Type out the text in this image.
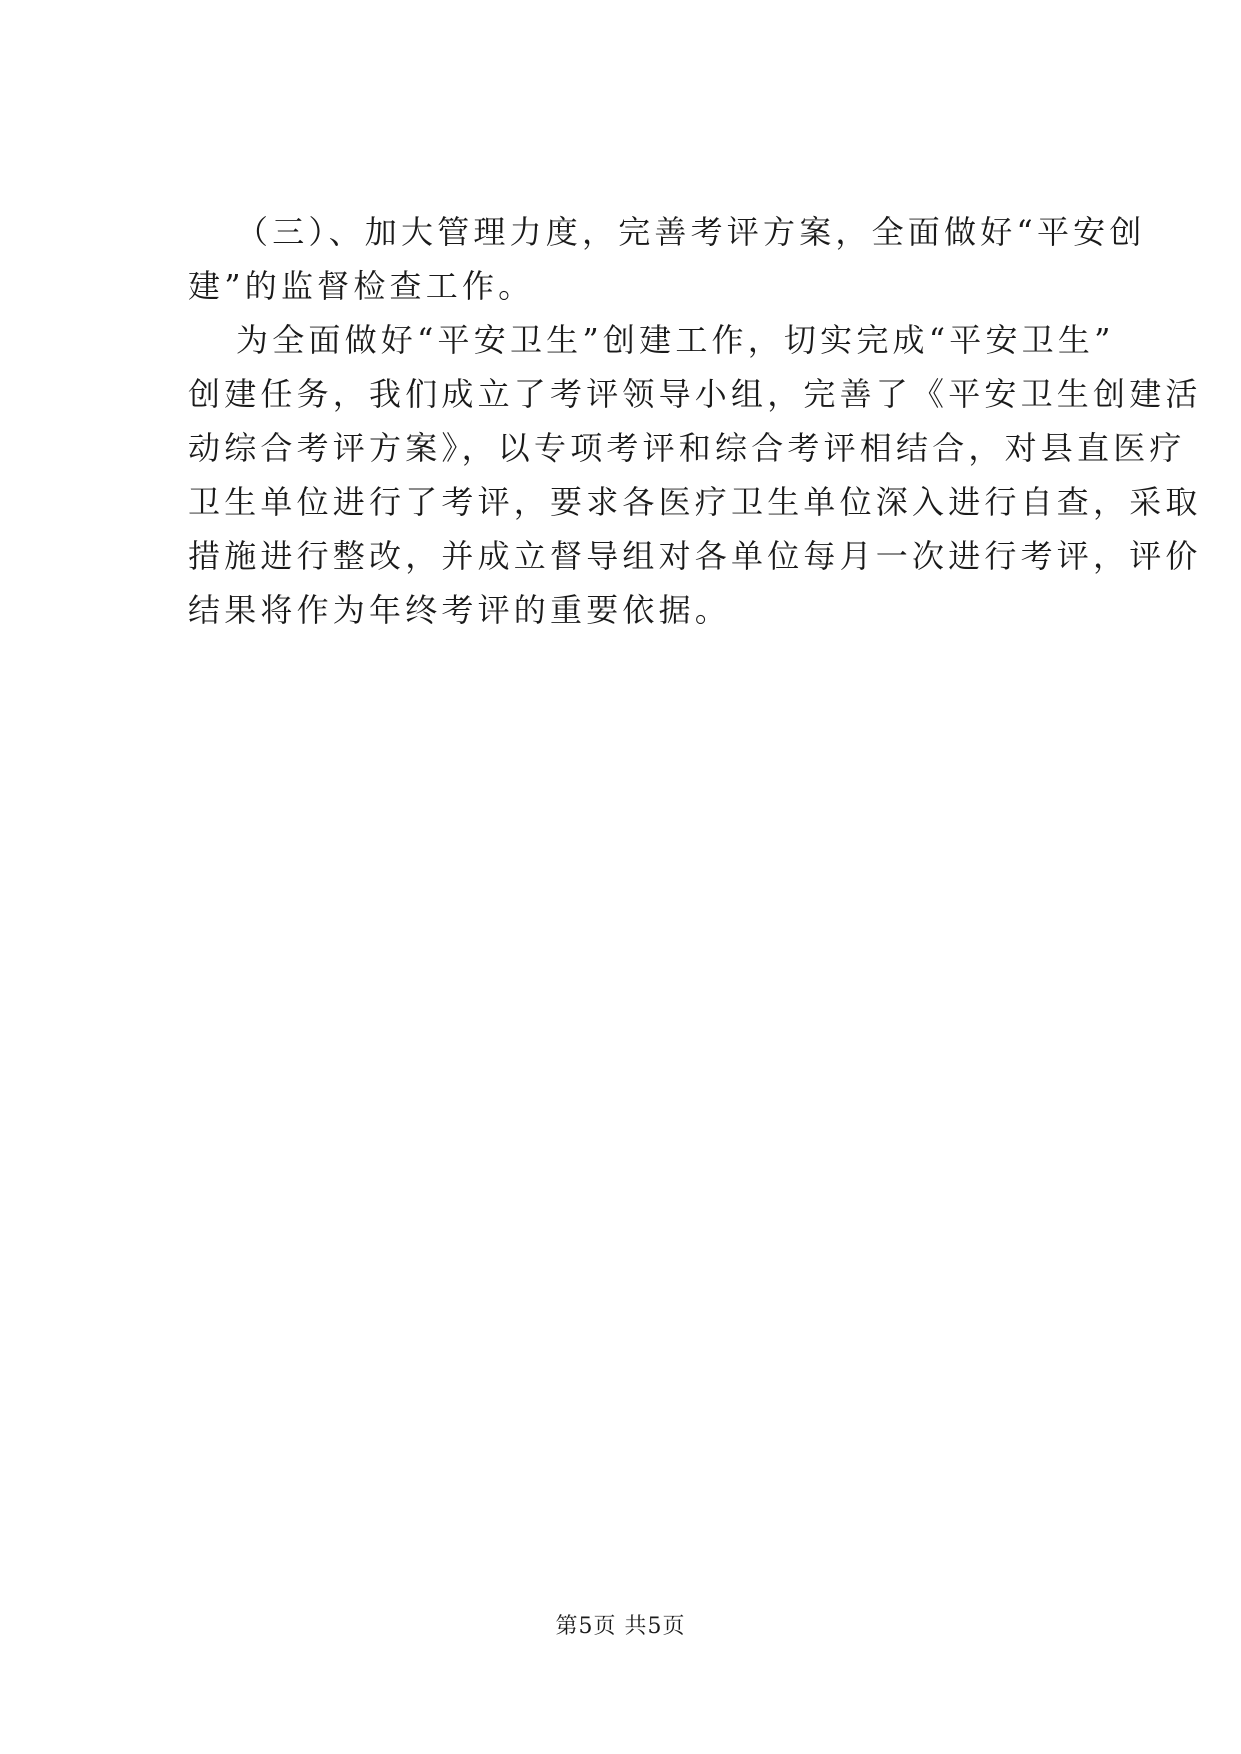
（三）、加大管理力度，完善考评方案，全面做好“平安创
建”的监督检查工作。
为全面做好“平安卫生”创建工作，切实完成“平安卫生”
创建任务，我们成立了考评领导小组，完善了《平安卫生创建活
动综合考评方案》，以专项考评和综合考评相结合，对县直医疗
卫生单位进行了考评，要求各医疗卫生单位深入进行自查，采取
措施进行整改，并成立督导组对各单位每月一次进行考评，评价
结果将作为年终考评的重要依据。
第5页 共5页
